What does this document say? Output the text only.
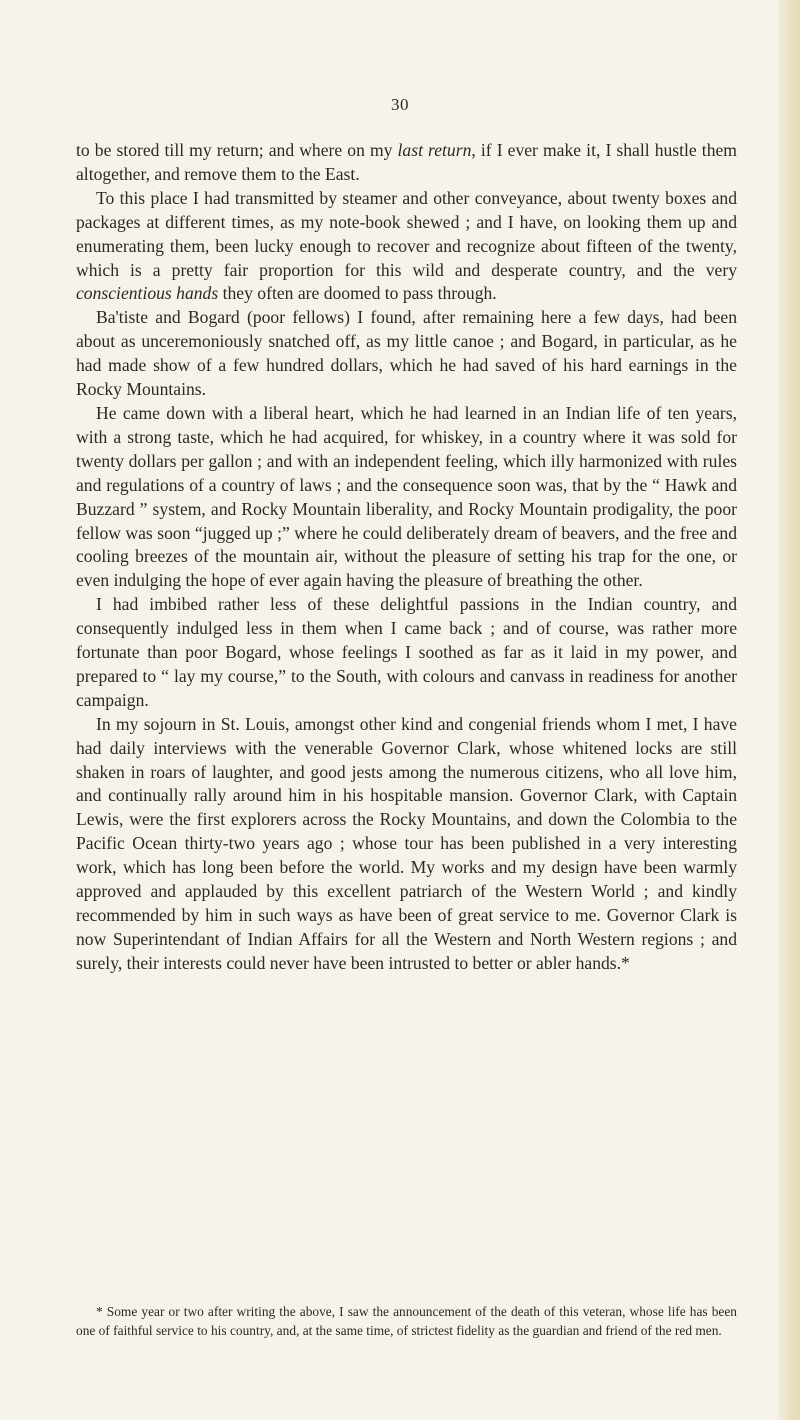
30

to be stored till my return; and where on my last return, if I ever make it, I shall hustle them altogether, and remove them to the East.

To this place I had transmitted by steamer and other conveyance, about twenty boxes and packages at different times, as my note-book shewed ; and I have, on looking them up and enumerating them, been lucky enough to recover and recognize about fifteen of the twenty, which is a pretty fair proportion for this wild and desperate country, and the very conscientious hands they often are doomed to pass through.

Ba'tiste and Bogard (poor fellows) I found, after remaining here a few days, had been about as unceremoniously snatched off, as my little canoe ; and Bogard, in particular, as he had made show of a few hundred dollars, which he had saved of his hard earnings in the Rocky Mountains.

He came down with a liberal heart, which he had learned in an Indian life of ten years, with a strong taste, which he had acquired, for whiskey, in a country where it was sold for twenty dollars per gallon ; and with an independent feeling, which illy harmonized with rules and regulations of a country of laws ; and the consequence soon was, that by the “ Hawk and Buzzard ” system, and Rocky Mountain liberality, and Rocky Mountain prodigality, the poor fellow was soon “jugged up ;” where he could deliberately dream of beavers, and the free and cooling breezes of the mountain air, without the pleasure of setting his trap for the one, or even indulging the hope of ever again having the pleasure of breathing the other.

I had imbibed rather less of these delightful passions in the Indian country, and consequently indulged less in them when I came back ; and of course, was rather more fortunate than poor Bogard, whose feelings I soothed as far as it laid in my power, and prepared to “ lay my course,” to the South, with colours and canvass in readiness for another campaign.

In my sojourn in St. Louis, amongst other kind and congenial friends whom I met, I have had daily interviews with the venerable Governor Clark, whose whitened locks are still shaken in roars of laughter, and good jests among the numerous citizens, who all love him, and continually rally around him in his hospitable mansion. Governor Clark, with Captain Lewis, were the first explorers across the Rocky Mountains, and down the Colombia to the Pacific Ocean thirty-two years ago ; whose tour has been published in a very interesting work, which has long been before the world. My works and my design have been warmly approved and applauded by this excellent patriarch of the Western World ; and kindly recommended by him in such ways as have been of great service to me. Governor Clark is now Superintendant of Indian Affairs for all the Western and North Western regions ; and surely, their interests could never have been intrusted to better or abler hands.*

* Some year or two after writing the above, I saw the announcement of the death of this veteran, whose life has been one of faithful service to his country, and, at the same time, of strictest fidelity as the guardian and friend of the red men.
